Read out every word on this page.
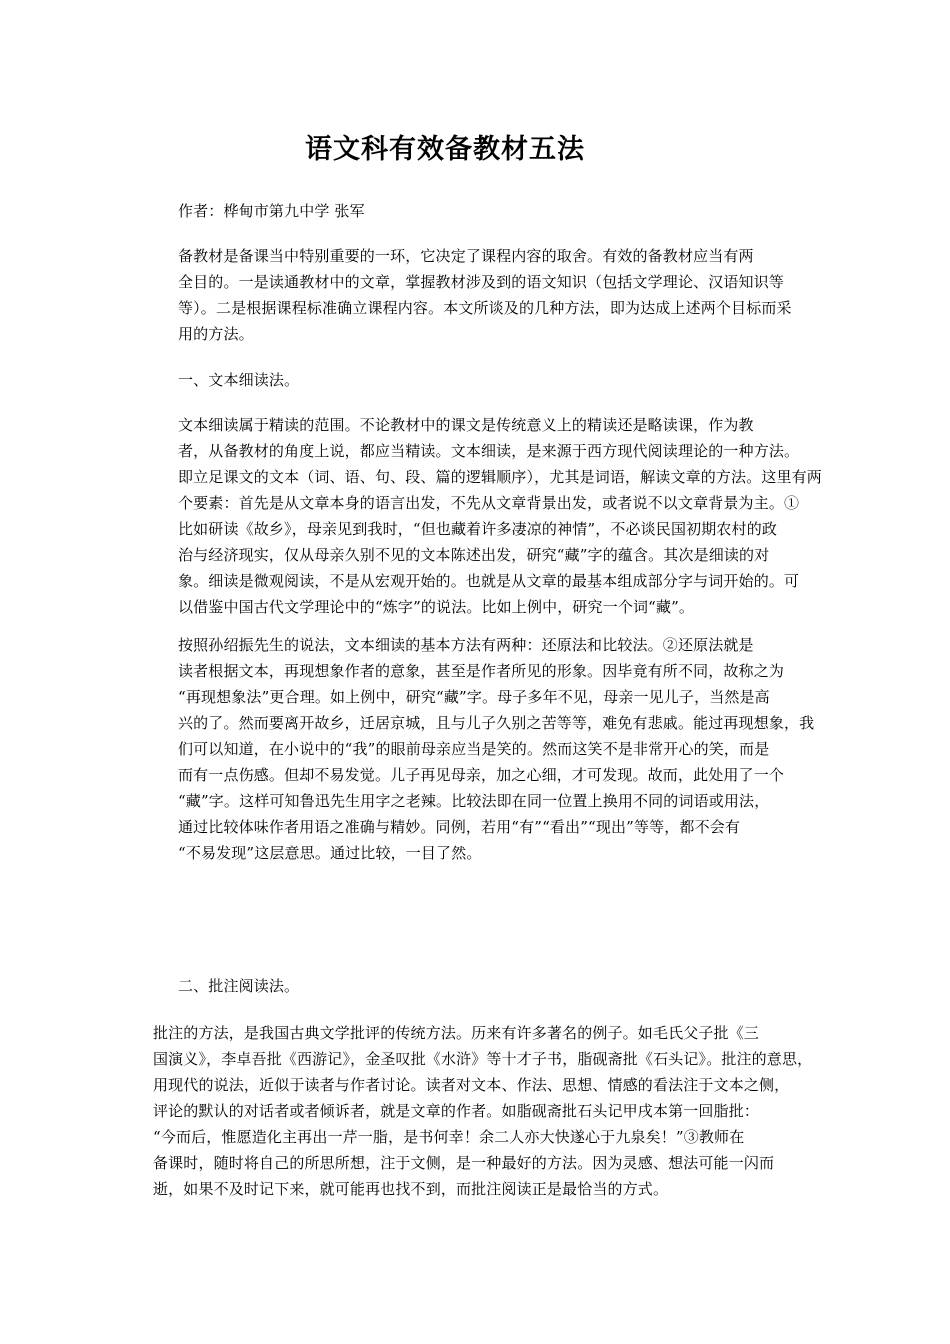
语文科有效备教材五法

作者：桦甸市第九中学 张军

备教材是备课当中特别重要的一环，它决定了课程内容的取舍。有效的备教材应当有两
全目的。一是读通教材中的文章，掌握教材涉及到的语文知识（包括文学理论、汉语知识等
等）。二是根据课程标准确立课程内容。本文所谈及的几种方法，即为达成上述两个目标而采
用的方法。

一、文本细读法。

文本细读属于精读的范围。不论教材中的课文是传统意义上的精读还是略读课，作为教
者，从备教材的角度上说，都应当精读。文本细读，是来源于西方现代阅读理论的一种方法。
即立足课文的文本（词、语、句、段、篇的逻辑顺序），尤其是词语，解读文章的方法。这里有两
个要素：首先是从文章本身的语言出发，不先从文章背景出发，或者说不以文章背景为主。①
比如研读《故乡》，母亲见到我时，“但也藏着许多凄凉的神情”，不必谈民国初期农村的政
治与经济现实，仅从母亲久别不见的文本陈述出发，研究“藏”字的蕴含。其次是细读的对
象。细读是微观阅读，不是从宏观开始的。也就是从文章的最基本组成部分字与词开始的。可
以借鉴中国古代文学理论中的“炼字”的说法。比如上例中，研究一个词“藏”。

按照孙绍振先生的说法，文本细读的基本方法有两种：还原法和比较法。②还原法就是
读者根据文本，再现想象作者的意象，甚至是作者所见的形象。因毕竟有所不同，故称之为
“再现想象法”更合理。如上例中，研究“藏”字。母子多年不见，母亲一见儿子，当然是高
兴的了。然而要离开故乡，迁居京城，且与儿子久别之苦等等，难免有悲戚。能过再现想象，我
们可以知道，在小说中的“我”的眼前母亲应当是笑的。然而这笑不是非常开心的笑，而是
而有一点伤感。但却不易发觉。儿子再见母亲，加之心细，才可发现。故而，此处用了一个
“藏”字。这样可知鲁迅先生用字之老辣。比较法即在同一位置上换用不同的词语或用法，
通过比较体味作者用语之准确与精妙。同例，若用“有”“看出”“现出”等等，都不会有
“不易发现”这层意思。通过比较，一目了然。

二、批注阅读法。

批注的方法，是我国古典文学批评的传统方法。历来有许多著名的例子。如毛氏父子批《三
国演义》，李卓吾批《西游记》，金圣叹批《水浒》等十才子书，脂砚斋批《石头记》。批注的意思，
用现代的说法，近似于读者与作者讨论。读者对文本、作法、思想、情感的看法注于文本之侧，
评论的默认的对话者或者倾诉者，就是文章的作者。如脂砚斋批石头记甲戌本第一回脂批：
“今而后，惟愿造化主再出一芹一脂，是书何幸！余二人亦大快遂心于九泉矣！”③教师在
备课时，随时将自己的所思所想，注于文侧，是一种最好的方法。因为灵感、想法可能一闪而
逝，如果不及时记下来，就可能再也找不到，而批注阅读正是最恰当的方式。
